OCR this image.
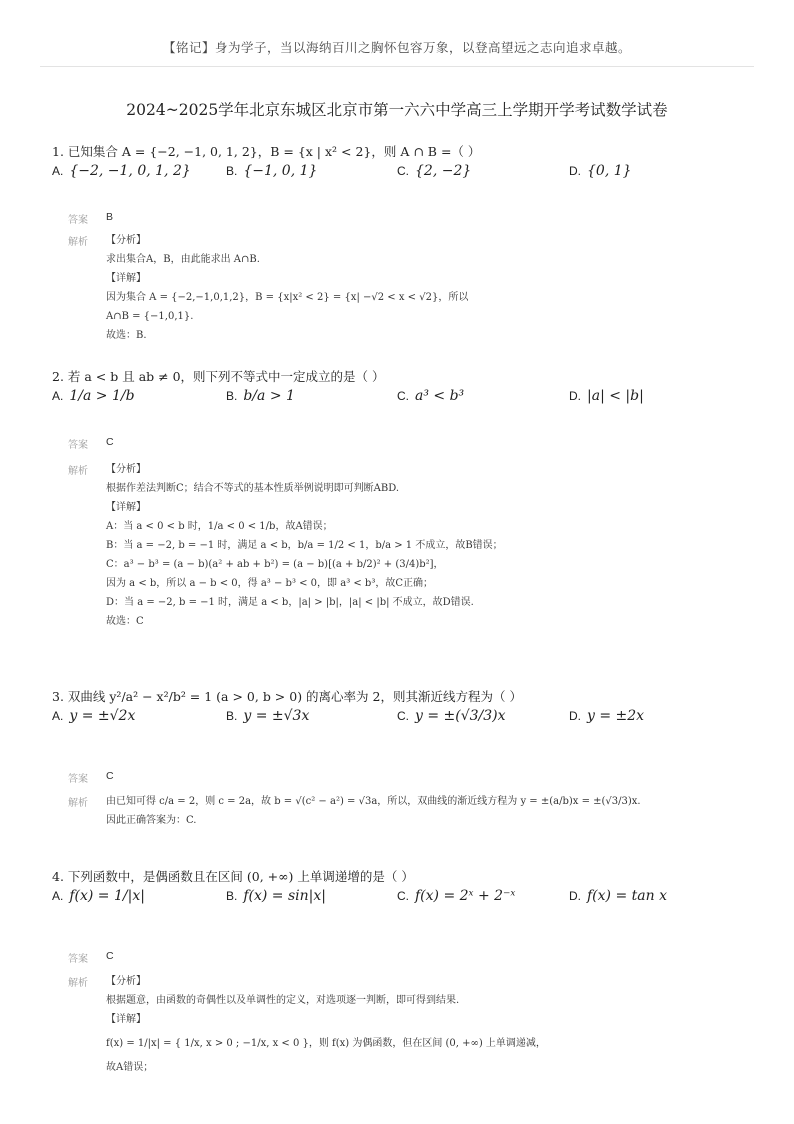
【铭记】身为学子，当以海纳百川之胸怀包容万象，以登高望远之志向追求卓越。
2024~2025学年北京东城区北京市第一六六中学高三上学期开学考试数学试卷
1. 已知集合 A = {−2, −1, 0, 1, 2}，B = {x | x² < 2}，则 A ∩ B =（ ）
A. {−2, −1, 0, 1, 2}	B. {−1, 0, 1}	C. {2, −2}	D. {0, 1}
答案 B
解析 【分析】
求出集合A，B，由此能求出 A∩B.
【详解】
因为集合 A = {−2,−1,0,1,2}，B = {x|x² < 2} = {x| −√2 < x < √2}，所以
A∩B = {−1,0,1}.
故选：B.
2. 若 a < b 且 ab ≠ 0，则下列不等式中一定成立的是（ ）
A. 1/a > 1/b	B. b/a > 1	C. a³ < b³	D. |a| < |b|
答案 C
解析 【分析】
根据作差法判断C；结合不等式的基本性质举例说明即可判断ABD.
【详解】
A：当 a < 0 < b 时，1/a < 0 < 1/b，故A错误；
B：当 a = −2, b = −1 时，满足 a < b，b/a = 1/2 < 1，b/a > 1 不成立，故B错误；
C：a³ − b³ = (a − b)(a² + ab + b²) = (a − b)[(a + b/2)² + (3/4)b²]，
因为 a < b，所以 a − b < 0，得 a³ − b³ < 0，即 a³ < b³，故C正确；
D：当 a = −2, b = −1 时，满足 a < b，|a| > |b|，|a| < |b| 不成立，故D错误.
故选：C
3. 双曲线 y²/a² − x²/b² = 1 (a > 0, b > 0) 的离心率为 2，则其渐近线方程为（ ）
A. y = ±√2x	B. y = ±√3x	C. y = ±(√3/3)x	D. y = ±2x
答案 C
解析 由已知可得 c/a = 2，则 c = 2a，故 b = √(c² − a²) = √3a，所以，双曲线的渐近线方程为 y = ±(a/b)x = ±(√3/3)x.
因此正确答案为：C.
4. 下列函数中，是偶函数且在区间 (0, +∞) 上单调递增的是（ ）
A. f(x) = 1/|x|	B. f(x) = sin|x|	C. f(x) = 2ˣ + 2⁻ˣ	D. f(x) = tan x
答案 C
解析 【分析】
根据题意，由函数的奇偶性以及单调性的定义，对选项逐一判断，即可得到结果.
【详解】
f(x) = 1/|x| = { 1/x, x > 0 ; −1/x, x < 0 }，则 f(x) 为偶函数，但在区间 (0, +∞) 上单调递减，
故A错误；
